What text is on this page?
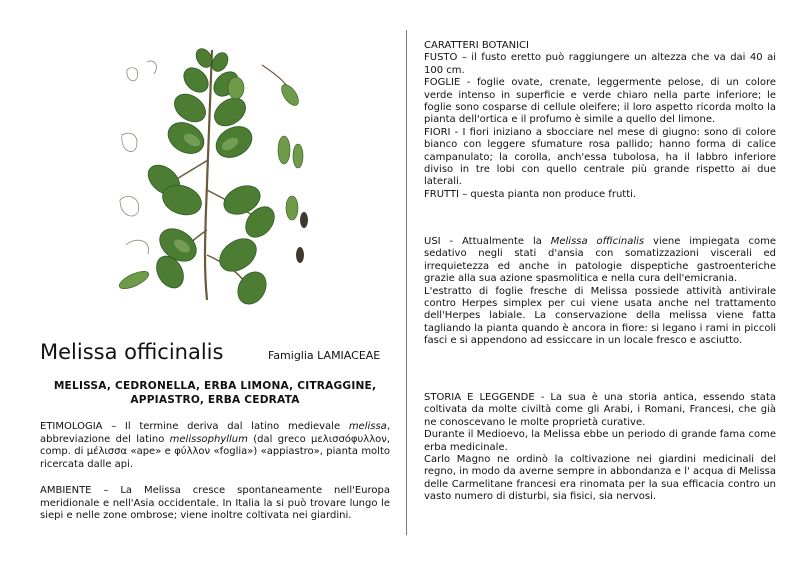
Melissa officinalis	Famiglia LAMIACEAE
MELISSA, CEDRONELLA, ERBA LIMONA, CITRAGGINE, APPIASTRO, ERBA CEDRATA
ETIMOLOGIA – Il termine deriva dal latino medievale melissa, abbreviazione del latino melissophyllum (dal greco μελισσόφυλλον, comp. di μέλισσα «ape» e φύλλον «foglia») «appiastro», pianta molto ricercata dalle api.
AMBIENTE – La Melissa cresce spontaneamente nell'Europa meridionale e nell'Asia occidentale. In Italia la si può trovare lungo le siepi e nelle zone ombrose; viene inoltre coltivata nei giardini.

CARATTERI BOTANICI

FUSTO – il fusto eretto può raggiungere un altezza che va dai 40 ai 100 cm.

FOGLIE - foglie ovate, crenate, leggermente pelose, di un colore verde intenso in superficie e verde chiaro nella parte inferiore; le foglie sono cosparse di cellule oleifere; il loro aspetto ricorda molto la pianta dell'ortica e il profumo è simile a quello del limone.

FIORI - I fiori iniziano a sbocciare nel mese di giugno: sono di colore bianco con leggere sfumature rosa pallido; hanno forma di calice campanulato; la corolla, anch'essa tubolosa, ha il labbro inferiore diviso in tre lobi con quello centrale più grande rispetto ai due laterali.

FRUTTI – questa pianta non produce frutti.

USI - Attualmente la Melissa officinalis viene impiegata come sedativo negli stati d'ansia con somatizzazioni viscerali ed irrequietezza ed anche in patologie dispeptiche gastroenteriche grazie alla sua azione spasmolitica e nella cura dell'emicrania.

L'estratto di foglie fresche di Melissa possiede attività antivirale contro Herpes simplex per cui viene usata anche nel trattamento dell'Herpes labiale. La conservazione della melissa viene fatta tagliando la pianta quando è ancora in fiore: si legano i rami in piccoli fasci e si appendono ad essiccare in un locale fresco e asciutto.

STORIA E LEGGENDE - La sua è una storia antica, essendo stata coltivata da molte civiltà come gli Arabi, i Romani, Francesi, che già ne conoscevano le molte proprietà curative.

Durante il Medioevo, la Melissa ebbe un periodo di grande fama come erba medicinale.

Carlo Magno ne ordinò la coltivazione nei giardini medicinali del regno, in modo da averne sempre in abbondanza e l' acqua di Melissa delle Carmelitane francesi era rinomata per la sua efficacia contro un vasto numero di disturbi, sia fisici, sia nervosi.
